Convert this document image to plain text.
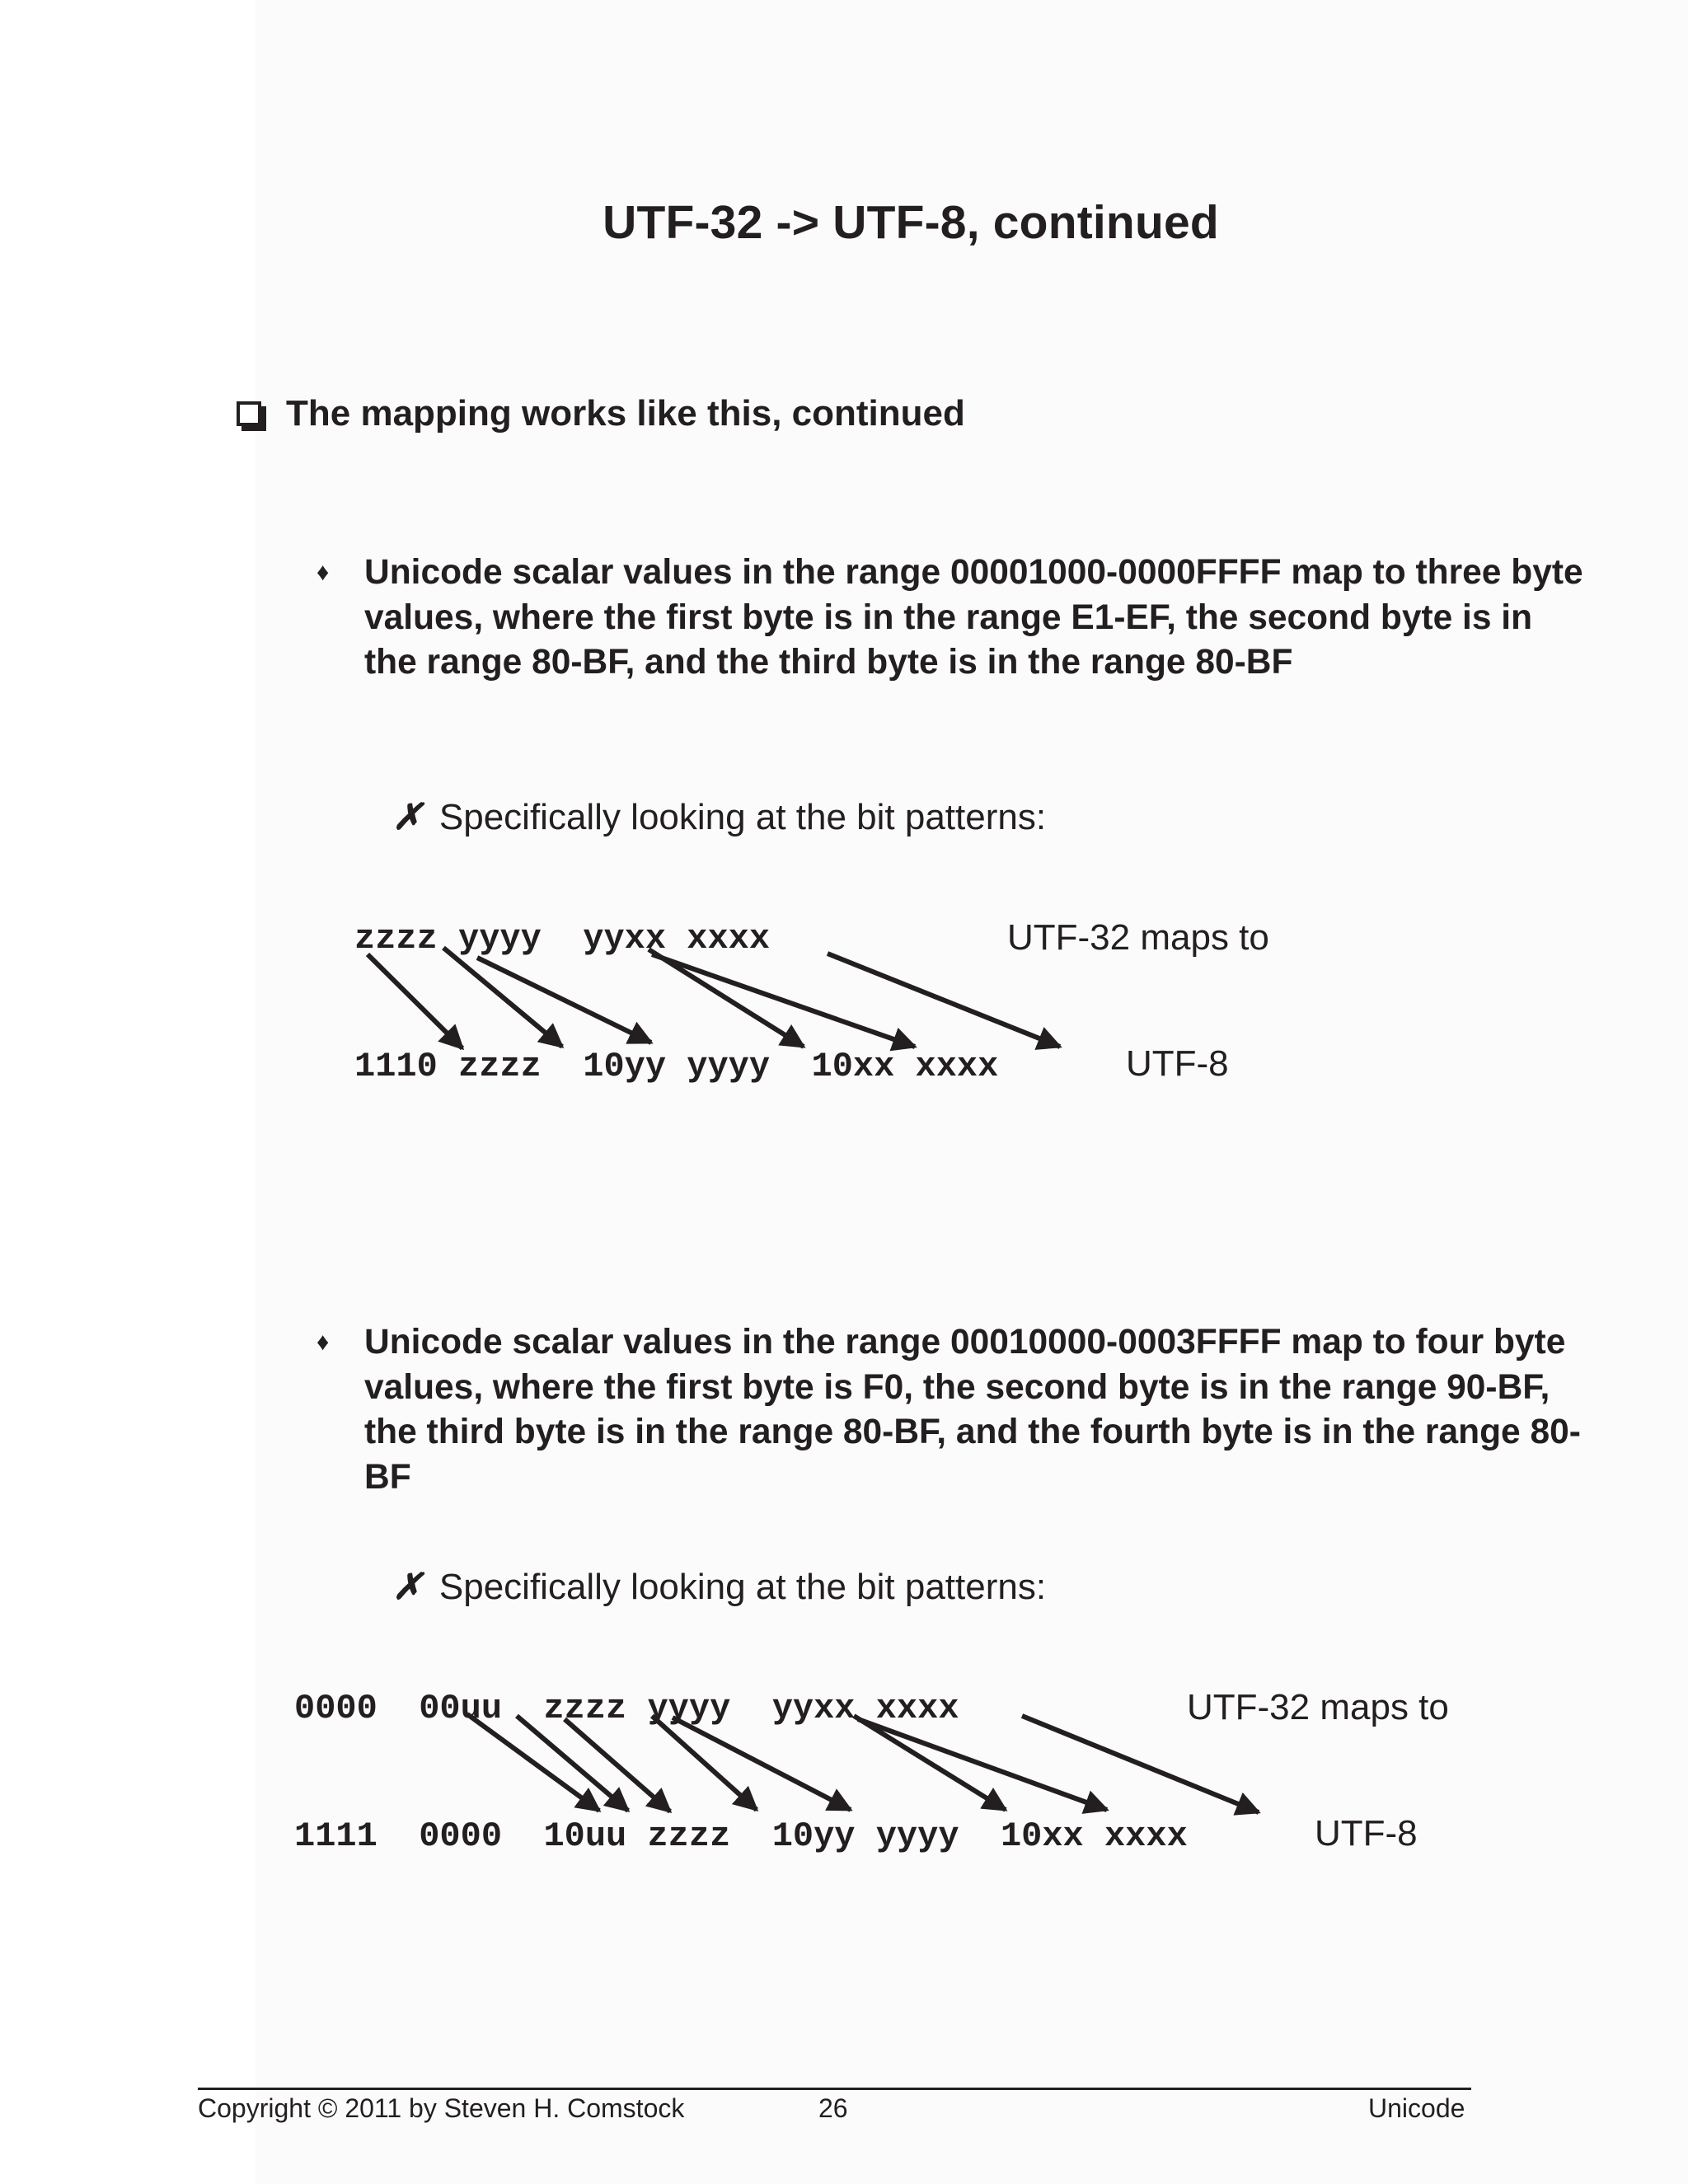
UTF-32 -> UTF-8, continued
The mapping works like this, continued
♦	Unicode scalar values in the range 00001000-0000FFFF map to three byte values, where the first byte is in the range E1-EF, the second byte is in the range 80-BF, and the third byte is in the range 80-BF
✗ Specifically looking at the bit patterns:
zzzz yyyy  yyxx xxxx	UTF-32 maps to
1110 zzzz  10yy yyyy  10xx xxxx	UTF-8
♦	Unicode scalar values in the range 00010000-0003FFFF map to four byte values, where the first byte is F0, the second byte is in the range 90-BF, the third byte is in the range 80-BF, and the fourth byte is in the range 80-BF
✗ Specifically looking at the bit patterns:
0000  00uu  zzzz yyyy  yyxx xxxx	UTF-32 maps to
1111  0000  10uu zzzz  10yy yyyy  10xx xxxx	UTF-8
Copyright © 2011 by Steven H. Comstock	26	Unicode
